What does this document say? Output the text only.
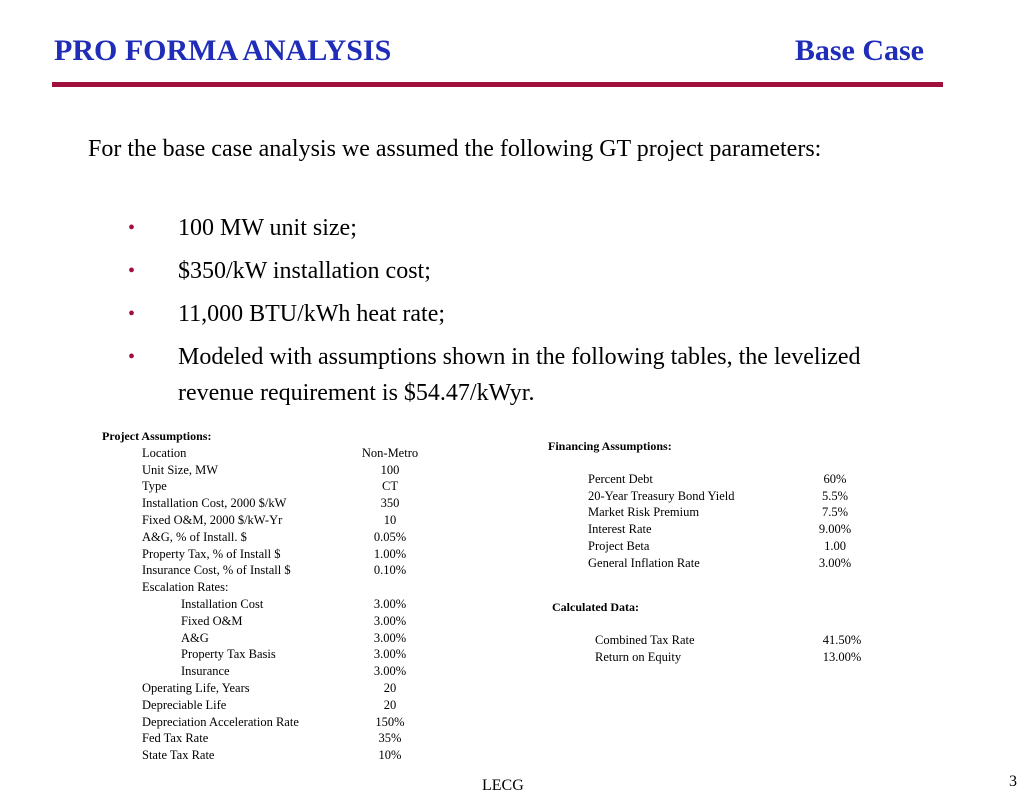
PRO FORMA ANALYSIS	Base Case
For the base case analysis we assumed the following GT project parameters:
•	100 MW unit size;
•	$350/kW installation cost;
•	11,000 BTU/kWh heat rate;
•	Modeled with assumptions shown in the following tables, the levelized revenue requirement is $54.47/kWyr.
Project Assumptions:
Location	Non-Metro
Unit Size, MW	100
Type	CT
Installation Cost, 2000 $/kW	350
Fixed O&M, 2000 $/kW-Yr	10
A&G, % of Install. $	0.05%
Property Tax, % of Install $	1.00%
Insurance Cost, % of Install $	0.10%
Escalation Rates:
Installation Cost	3.00%
Fixed O&M	3.00%
A&G	3.00%
Property Tax Basis	3.00%
Insurance	3.00%
Operating Life, Years	20
Depreciable Life	20
Depreciation Acceleration Rate	150%
Fed Tax Rate	35%
State Tax Rate	10%
Financing Assumptions:
Percent Debt	60%
20-Year Treasury Bond Yield	5.5%
Market Risk Premium	7.5%
Interest Rate	9.00%
Project Beta	1.00
General Inflation Rate	3.00%
Calculated Data:
Combined Tax Rate	41.50%
Return on Equity	13.00%
LECG	3
